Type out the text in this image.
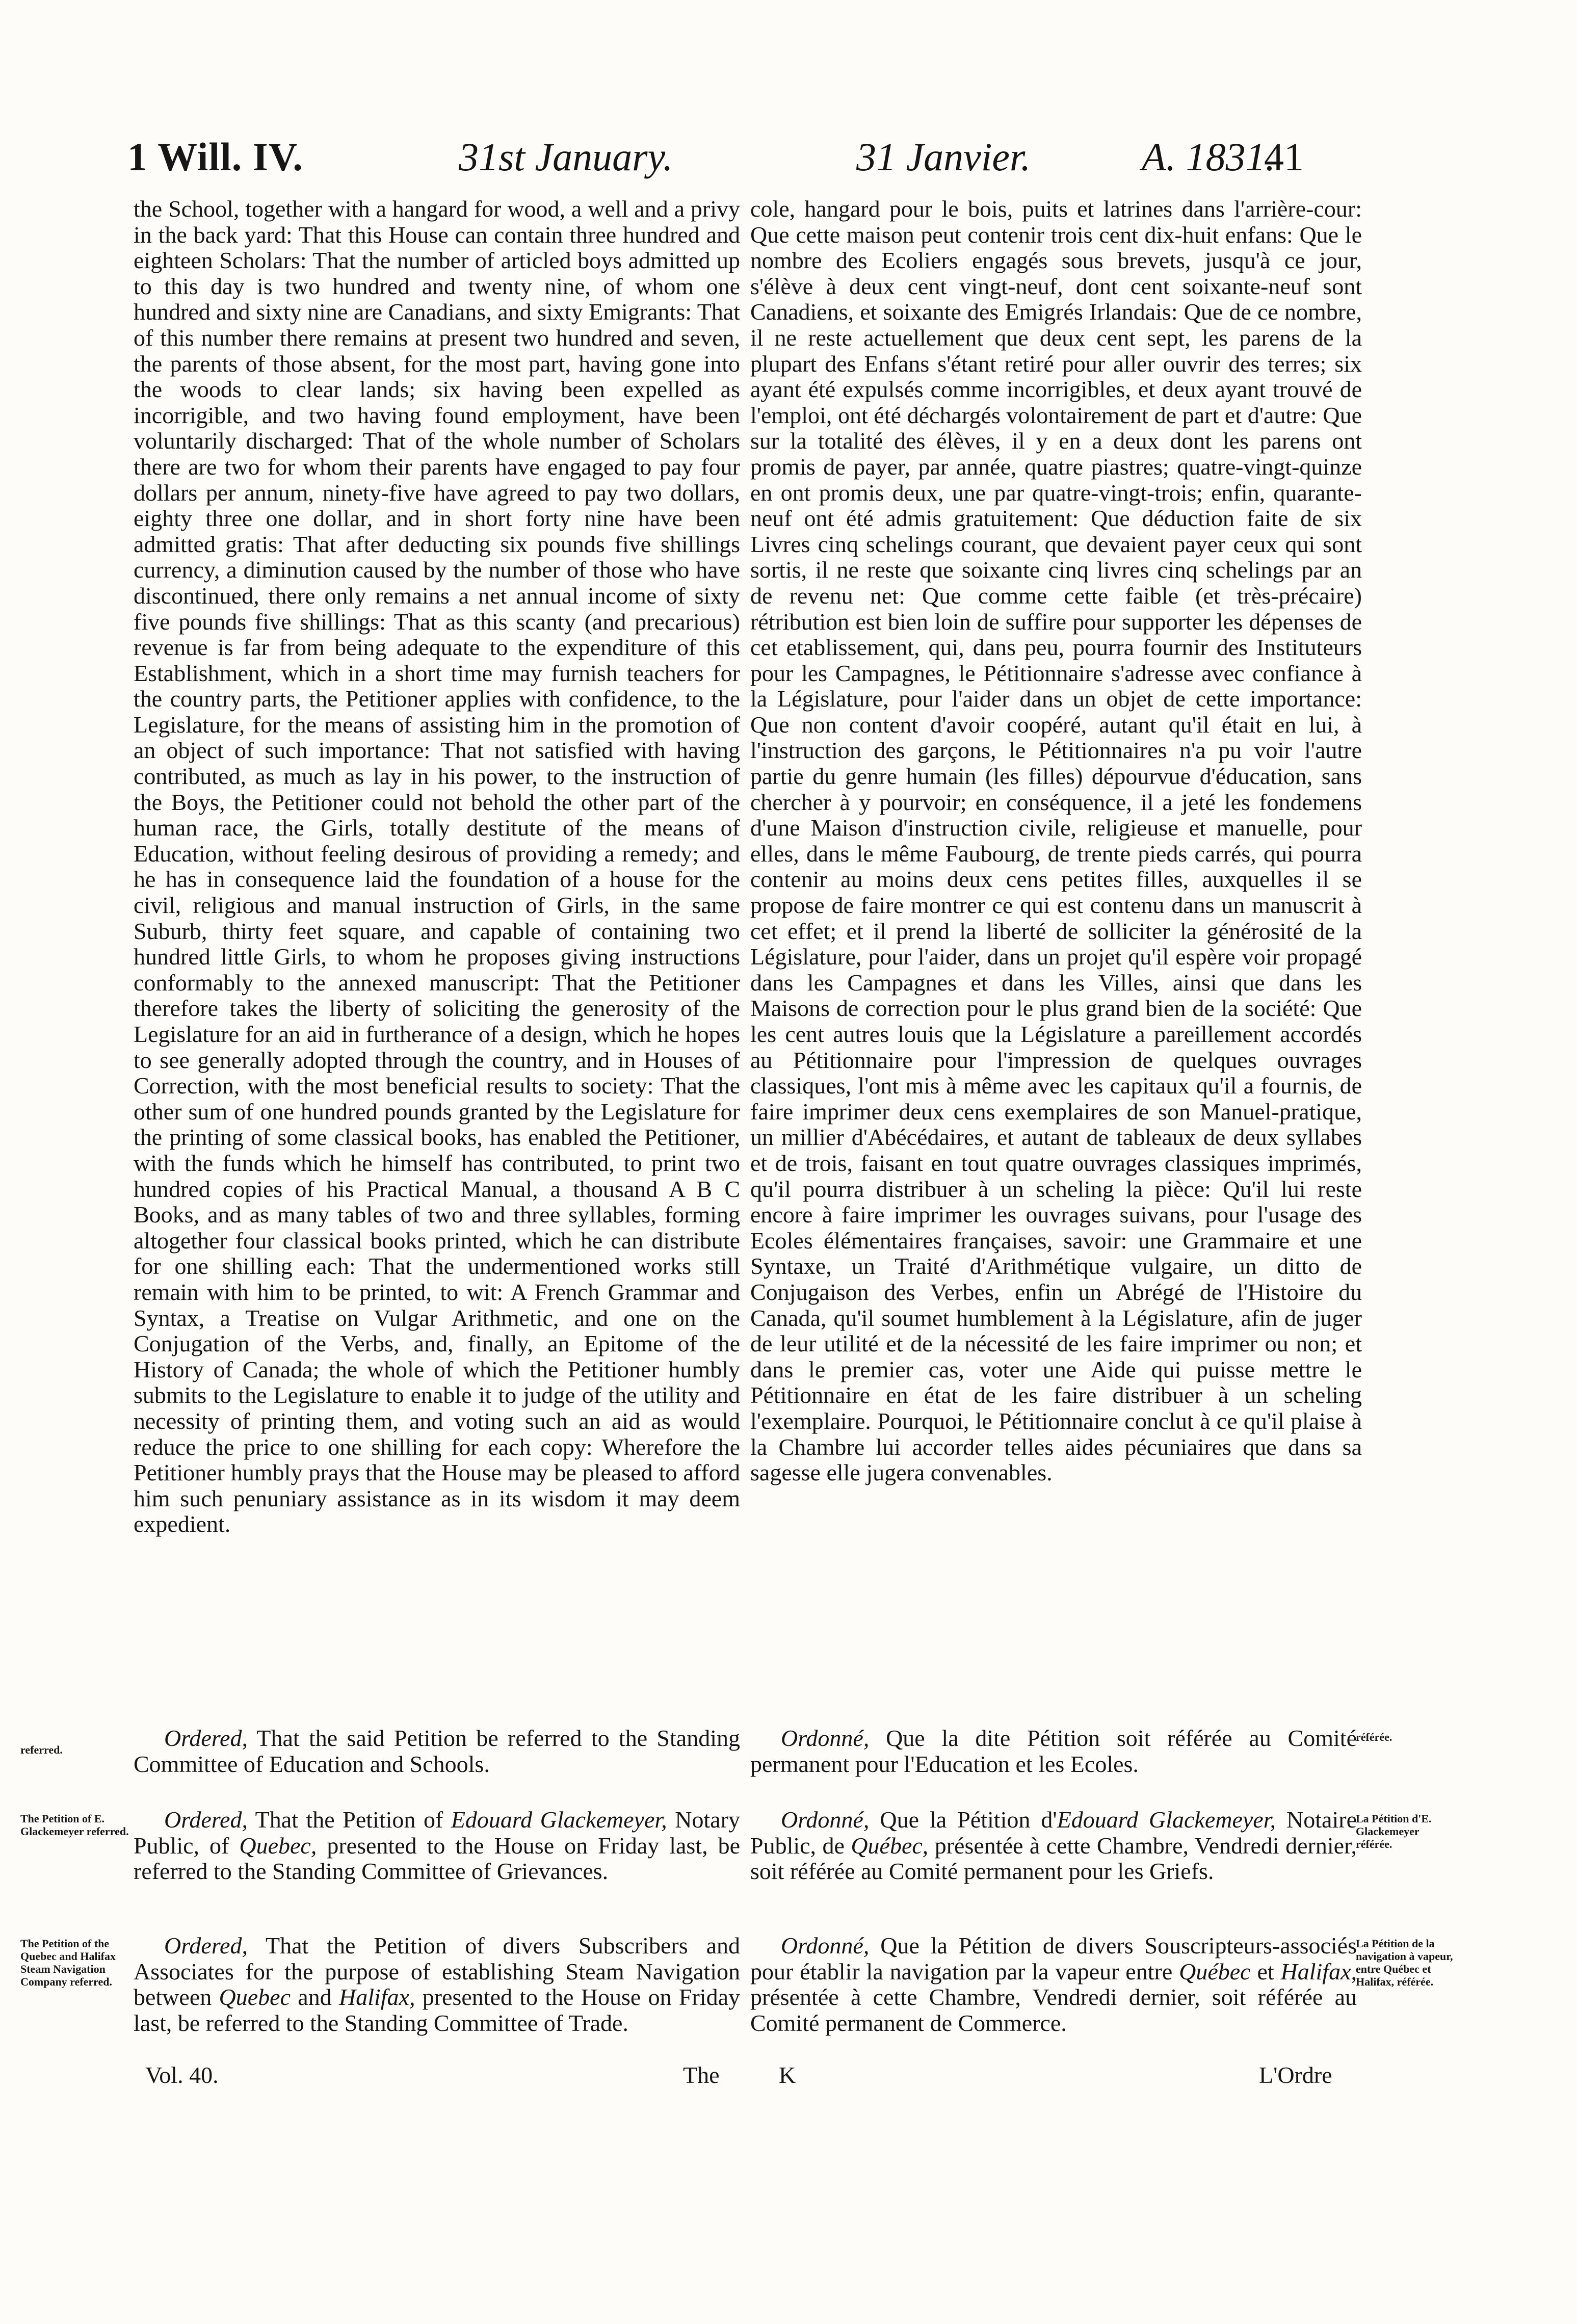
1 Will. IV.	31st January.	31 Janvier.	A. 1831.
41

the School, together with a hangard for wood, a well and a privy in the back yard: That this House can contain three hundred and eighteen Scholars: That the number of articled boys admitted up to this day is two hundred and twenty nine, of whom one hundred and sixty nine are Canadians, and sixty Emigrants: That of this number there remains at present two hundred and seven, the parents of those absent, for the most part, having gone into the woods to clear lands; six having been expelled as incorrigible, and two having found employment, have been voluntarily discharged: That of the whole number of Scholars there are two for whom their parents have engaged to pay four dollars per annum, ninety-five have agreed to pay two dollars, eighty three one dollar, and in short forty nine have been admitted gratis: That after deducting six pounds five shillings currency, a diminution caused by the number of those who have discontinued, there only remains a net annual income of sixty five pounds five shillings: That as this scanty (and precarious) revenue is far from being adequate to the expenditure of this Establishment, which in a short time may furnish teachers for the country parts, the Petitioner applies with confidence, to the Legislature, for the means of assisting him in the promotion of an object of such importance: That not satisfied with having contributed, as much as lay in his power, to the instruction of the Boys, the Petitioner could not behold the other part of the human race, the Girls, totally destitute of the means of Education, without feeling desirous of providing a remedy; and he has in consequence laid the foundation of a house for the civil, religious and manual instruction of Girls, in the same Suburb, thirty feet square, and capable of containing two hundred little Girls, to whom he proposes giving instructions conformably to the annexed manuscript: That the Petitioner therefore takes the liberty of soliciting the generosity of the Legislature for an aid in furtherance of a design, which he hopes to see generally adopted through the country, and in Houses of Correction, with the most beneficial results to society: That the other sum of one hundred pounds granted by the Legislature for the printing of some classical books, has enabled the Petitioner, with the funds which he himself has contributed, to print two hundred copies of his Practical Manual, a thousand A B C Books, and as many tables of two and three syllables, forming altogether four classical books printed, which he can distribute for one shilling each: That the undermentioned works still remain with him to be printed, to wit: A French Grammar and Syntax, a Treatise on Vulgar Arithmetic, and one on the Conjugation of the Verbs, and, finally, an Epitome of the History of Canada; the whole of which the Petitioner humbly submits to the Legislature to enable it to judge of the utility and necessity of printing them, and voting such an aid as would reduce the price to one shilling for each copy: Wherefore the Petitioner humbly prays that the House may be pleased to afford him such penuniary assistance as in its wisdom it may deem expedient.

Ordered, That the said Petition be referred to the Standing Committee of Education and Schools.

Ordered, That the Petition of Edouard Glackemeyer, Notary Public, of Quebec, presented to the House on Friday last, be referred to the Standing Committee of Grievances.

Ordered, That the Petition of divers Subscribers and Associates for the purpose of establishing Steam Navigation between Quebec and Halifax, presented to the House on Friday last, be referred to the Standing Committee of Trade.

cole, hangard pour le bois, puits et latrines dans l'arrière-cour: Que cette maison peut contenir trois cent dix-huit enfans: Que le nombre des Ecoliers engagés sous brevets, jusqu'à ce jour, s'élève à deux cent vingt-neuf, dont cent soixante-neuf sont Canadiens, et soixante des Emigrés Irlandais: Que de ce nombre, il ne reste actuellement que deux cent sept, les parens de la plupart des Enfans s'étant retiré pour aller ouvrir des terres; six ayant été expulsés comme incorrigibles, et deux ayant trouvé de l'emploi, ont été déchargés volontairement de part et d'autre: Que sur la totalité des élèves, il y en a deux dont les parens ont promis de payer, par année, quatre piastres; quatre-vingt-quinze en ont promis deux, une par quatre-vingt-trois; enfin, quarante-neuf ont été admis gratuitement: Que déduction faite de six Livres cinq schelings courant, que devaient payer ceux qui sont sortis, il ne reste que soixante cinq livres cinq schelings par an de revenu net: Que comme cette faible (et très-précaire) rétribution est bien loin de suffire pour supporter les dépenses de cet etablissement, qui, dans peu, pourra fournir des Instituteurs pour les Campagnes, le Pétitionnaire s'adresse avec confiance à la Législature, pour l'aider dans un objet de cette importance: Que non content d'avoir coopéré, autant qu'il était en lui, à l'instruction des garçons, le Pétitionnaires n'a pu voir l'autre partie du genre humain (les filles) dépourvue d'éducation, sans chercher à y pourvoir; en conséquence, il a jeté les fondemens d'une Maison d'instruction civile, religieuse et manuelle, pour elles, dans le même Faubourg, de trente pieds carrés, qui pourra contenir au moins deux cens petites filles, auxquelles il se propose de faire montrer ce qui est contenu dans un manuscrit à cet effet; et il prend la liberté de solliciter la générosité de la Législature, pour l'aider, dans un projet qu'il espère voir propagé dans les Campagnes et dans les Villes, ainsi que dans les Maisons de correction pour le plus grand bien de la société: Que les cent autres louis que la Législature a pareillement accordés au Pétitionnaire pour l'impression de quelques ouvrages classiques, l'ont mis à même avec les capitaux qu'il a fournis, de faire imprimer deux cens exemplaires de son Manuel-pratique, un millier d'Abécédaires, et autant de tableaux de deux syllabes et de trois, faisant en tout quatre ouvrages classiques imprimés, qu'il pourra distribuer à un scheling la pièce: Qu'il lui reste encore à faire imprimer les ouvrages suivans, pour l'usage des Ecoles élémentaires françaises, savoir: une Grammaire et une Syntaxe, un Traité d'Arithmétique vulgaire, un ditto de Conjugaison des Verbes, enfin un Abrégé de l'Histoire du Canada, qu'il soumet humblement à la Législature, afin de juger de leur utilité et de la nécessité de les faire imprimer ou non; et dans le premier cas, voter une Aide qui puisse mettre le Pétitionnaire en état de les faire distribuer à un scheling l'exemplaire. Pourquoi, le Pétitionnaire conclut à ce qu'il plaise à la Chambre lui accorder telles aides pécuniaires que dans sa sagesse elle jugera convenables.

Ordonné, Que la dite Pétition soit référée au Comité permanent pour l'Education et les Ecoles.

Ordonné, Que la Pétition d'Edouard Glackemeyer, Notaire Public, de Québec, présentée à cette Chambre, Vendredi dernier, soit référée au Comité permanent pour les Griefs.

Ordonné, Que la Pétition de divers Souscripteurs-associés pour établir la navigation par la vapeur entre Québec et Halifax, présentée à cette Chambre, Vendredi dernier, soit référée au Comité permanent de Commerce.

referred.
The Petition of E. Glackemeyer referred.
The Petition of the Quebec and Halifax Steam Navigation Company referred.
référée.
La Pétition d'E. Glackemeyer référée.
La Pétition de la navigation à vapeur, entre Québec et Halifax, référée.
Vol. 40.	The	K	L'Ordre
